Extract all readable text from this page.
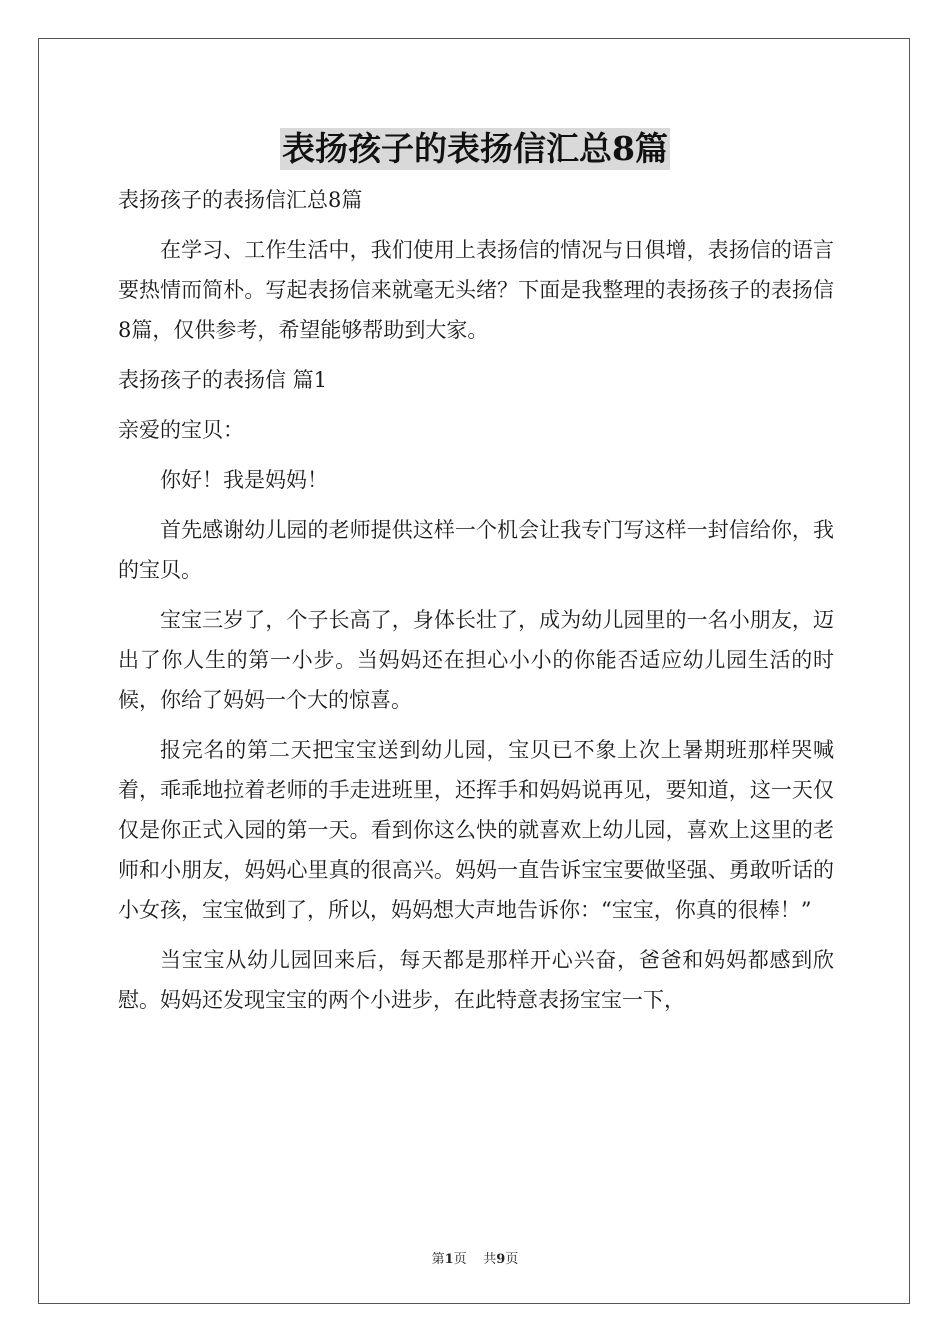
表扬孩子的表扬信汇总8篇

表扬孩子的表扬信汇总8篇

在学习、工作生活中，我们使用上表扬信的情况与日俱增，表扬信的语言要热情而简朴。写起表扬信来就毫无头绪？下面是我整理的表扬孩子的表扬信8篇，仅供参考，希望能够帮助到大家。

表扬孩子的表扬信 篇1

亲爱的宝贝：

你好！我是妈妈！

首先感谢幼儿园的老师提供这样一个机会让我专门写这样一封信给你，我的宝贝。

宝宝三岁了，个子长高了，身体长壮了，成为幼儿园里的一名小朋友，迈出了你人生的第一小步。当妈妈还在担心小小的你能否适应幼儿园生活的时候，你给了妈妈一个大的惊喜。

报完名的第二天把宝宝送到幼儿园，宝贝已不象上次上暑期班那样哭喊着，乖乖地拉着老师的手走进班里，还挥手和妈妈说再见，要知道，这一天仅仅是你正式入园的第一天。看到你这么快的就喜欢上幼儿园，喜欢上这里的老师和小朋友，妈妈心里真的很高兴。妈妈一直告诉宝宝要做坚强、勇敢听话的小女孩，宝宝做到了，所以，妈妈想大声地告诉你：“宝宝，你真的很棒！”

当宝宝从幼儿园回来后，每天都是那样开心兴奋，爸爸和妈妈都感到欣慰。妈妈还发现宝宝的两个小进步，在此特意表扬宝宝一下，

第1页 共9页
